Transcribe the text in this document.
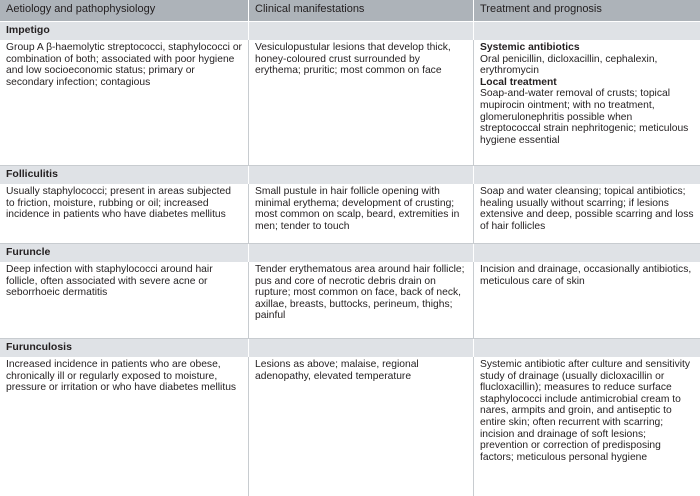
Aetiology and pathophysiology	Clinical manifestations	Treatment and prognosis
Impetigo
Group A β-haemolytic streptococci, staphylococci or combination of both; associated with poor hygiene and low socioeconomic status; primary or secondary infection; contagious
Vesiculopustular lesions that develop thick, honey-coloured crust surrounded by erythema; pruritic; most common on face
Systemic antibiotics
Oral penicillin, dicloxacillin, cephalexin, erythromycin
Local treatment
Soap-and-water removal of crusts; topical mupirocin ointment; with no treatment, glomerulonephritis possible when streptococcal strain nephritogenic; meticulous hygiene essential
Folliculitis
Usually staphylococci; present in areas subjected to friction, moisture, rubbing or oil; increased incidence in patients who have diabetes mellitus
Small pustule in hair follicle opening with minimal erythema; development of crusting; most common on scalp, beard, extremities in men; tender to touch
Soap and water cleansing; topical antibiotics; healing usually without scarring; if lesions extensive and deep, possible scarring and loss of hair follicles
Furuncle
Deep infection with staphylococci around hair follicle, often associated with severe acne or seborrhoeic dermatitis
Tender erythematous area around hair follicle; pus and core of necrotic debris drain on rupture; most common on face, back of neck, axillae, breasts, buttocks, perineum, thighs; painful
Incision and drainage, occasionally antibiotics, meticulous care of skin
Furunculosis
Increased incidence in patients who are obese, chronically ill or regularly exposed to moisture, pressure or irritation or who have diabetes mellitus
Lesions as above; malaise, regional adenopathy, elevated temperature
Systemic antibiotic after culture and sensitivity study of drainage (usually dicloxacillin or flucloxacillin); measures to reduce surface staphylococci include antimicrobial cream to nares, armpits and groin, and antiseptic to entire skin; often recurrent with scarring; incision and drainage of soft lesions; prevention or correction of predisposing factors; meticulous personal hygiene
